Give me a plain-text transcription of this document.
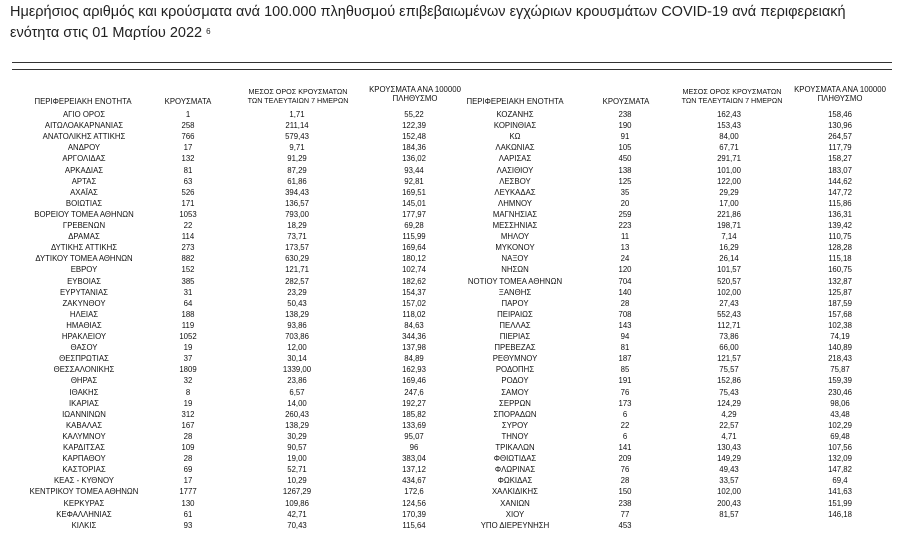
Ημερήσιος αριθμός και κρούσματα ανά 100.000 πληθυσμού επιβεβαιωμένων εγχώριων κρουσμάτων COVID-19 ανά περιφερειακή
ενότητα στις 01 Μαρτίου 2022 $^6$
ΠΕΡΙΦΕΡΕΙΑΚΗ ΕΝΟΤΗΤΑ	ΚΡΟΥΣΜΑΤΑ
ΜΕΣΟΣ ΟΡΟΣ ΚΡΟΥΣΜΑΤΩΝ
ΤΩΝ ΤΕΛΕΥΤΑΙΩΝ 7 ΗΜΕΡΩΝ
ΚΡΟΥΣΜΑΤΑ ΑΝΑ 100000
ΠΛΗΘΥΣΜΟ	ΠΕΡΙΦΕΡΕΙΑΚΗ ΕΝΟΤΗΤΑ	ΚΡΟΥΣΜΑΤΑ
ΜΕΣΟΣ ΟΡΟΣ ΚΡΟΥΣΜΑΤΩΝ
ΤΩΝ ΤΕΛΕΥΤΑΙΩΝ 7 ΗΜΕΡΩΝ
ΚΡΟΥΣΜΑΤΑ ΑΝΑ 100000
ΠΛΗΘΥΣΜΟ
ΑΓΙΟ ΟΡΟΣ	1	1,71	55,22
ΑΙΤΩΛΟΑΚΑΡΝΑΝΙΑΣ	258	211,14	122,39
ΑΝΑΤΟΛΙΚΗΣ ΑΤΤΙΚΗΣ	766	579,43	152,48
ΑΝΔΡΟΥ	17	9,71	184,36
ΑΡΓΟΛΙΔΑΣ	132	91,29	136,02
ΑΡΚΑΔΙΑΣ	81	87,29	93,44
ΑΡΤΑΣ	63	61,86	92,81
ΑΧΑΪΑΣ	526	394,43	169,51
ΒΟΙΩΤΙΑΣ	171	136,57	145,01
ΒΟΡΕΙΟΥ ΤΟΜΕΑ ΑΘΗΝΩΝ	1053	793,00	177,97
ΓΡΕΒΕΝΩΝ	22	18,29	69,28
ΔΡΑΜΑΣ	114	73,71	115,99
ΔΥΤΙΚΗΣ ΑΤΤΙΚΗΣ	273	173,57	169,64
ΔΥΤΙΚΟΥ ΤΟΜΕΑ ΑΘΗΝΩΝ	882	630,29	180,12
ΕΒΡΟΥ	152	121,71	102,74
ΕΥΒΟΙΑΣ	385	282,57	182,62
ΕΥΡΥΤΑΝΙΑΣ	31	23,29	154,37
ΖΑΚΥΝΘΟΥ	64	50,43	157,02
ΗΛΕΙΑΣ	188	138,29	118,02
ΗΜΑΘΙΑΣ	119	93,86	84,63
ΗΡΑΚΛΕΙΟΥ	1052	703,86	344,36
ΘΑΣΟΥ	19	12,00	137,98
ΘΕΣΠΡΩΤΙΑΣ	37	30,14	84,89
ΘΕΣΣΑΛΟΝΙΚΗΣ	1809	1339,00	162,93
ΘΗΡΑΣ	32	23,86	169,46
ΙΘΑΚΗΣ	8	6,57	247,6
ΙΚΑΡΙΑΣ	19	14,00	192,27
ΙΩΑΝΝΙΝΩΝ	312	260,43	185,82
ΚΑΒΑΛΑΣ	167	138,29	133,69
ΚΑΛΥΜΝΟΥ	28	30,29	95,07
ΚΑΡΔΙΤΣΑΣ	109	90,57	96
ΚΑΡΠΑΘΟΥ	28	19,00	383,04
ΚΑΣΤΟΡΙΑΣ	69	52,71	137,12
ΚΕΑΣ - ΚΥΘΝΟΥ	17	10,29	434,67
ΚΕΝΤΡΙΚΟΥ ΤΟΜΕΑ ΑΘΗΝΩΝ	1777	1267,29	172,6
ΚΕΡΚΥΡΑΣ	130	109,86	124,56
ΚΕΦΑΛΛΗΝΙΑΣ	61	42,71	170,39
ΚΙΛΚΙΣ	93	70,43	115,64
ΚΟΖΑΝΗΣ	238	162,43	158,46
ΚΟΡΙΝΘΙΑΣ	190	153,43	130,96
ΚΩ	91	84,00	264,57
ΛΑΚΩΝΙΑΣ	105	67,71	117,79
ΛΑΡΙΣΑΣ	450	291,71	158,27
ΛΑΣΙΘΙΟΥ	138	101,00	183,07
ΛΕΣΒΟΥ	125	122,00	144,62
ΛΕΥΚΑΔΑΣ	35	29,29	147,72
ΛΗΜΝΟΥ	20	17,00	115,86
ΜΑΓΝΗΣΙΑΣ	259	221,86	136,31
ΜΕΣΣΗΝΙΑΣ	223	198,71	139,42
ΜΗΛΟΥ	11	7,14	110,75
ΜΥΚΟΝΟΥ	13	16,29	128,28
ΝΑΞΟΥ	24	26,14	115,18
ΝΗΣΩΝ	120	101,57	160,75
ΝΟΤΙΟΥ ΤΟΜΕΑ ΑΘΗΝΩΝ	704	520,57	132,87
ΞΑΝΘΗΣ	140	102,00	125,87
ΠΑΡΟΥ	28	27,43	187,59
ΠΕΙΡΑΙΩΣ	708	552,43	157,68
ΠΕΛΛΑΣ	143	112,71	102,38
ΠΙΕΡΙΑΣ	94	73,86	74,19
ΠΡΕΒΕΖΑΣ	81	66,00	140,89
ΡΕΘΥΜΝΟΥ	187	121,57	218,43
ΡΟΔΟΠΗΣ	85	75,57	75,87
ΡΟΔΟΥ	191	152,86	159,39
ΣΑΜΟΥ	76	75,43	230,46
ΣΕΡΡΩΝ	173	124,29	98,06
ΣΠΟΡΑΔΩΝ	6	4,29	43,48
ΣΥΡΟΥ	22	22,57	102,29
ΤΗΝΟΥ	6	4,71	69,48
ΤΡΙΚΑΛΩΝ	141	130,43	107,56
ΦΘΙΩΤΙΔΑΣ	209	149,29	132,09
ΦΛΩΡΙΝΑΣ	76	49,43	147,82
ΦΩΚΙΔΑΣ	28	33,57	69,4
ΧΑΛΚΙΔΙΚΗΣ	150	102,00	141,63
ΧΑΝΙΩΝ	238	200,43	151,99
ΧΙΟΥ	77	81,57	146,18
ΥΠΟ ΔΙΕΡΕΥΝΗΣΗ	453
